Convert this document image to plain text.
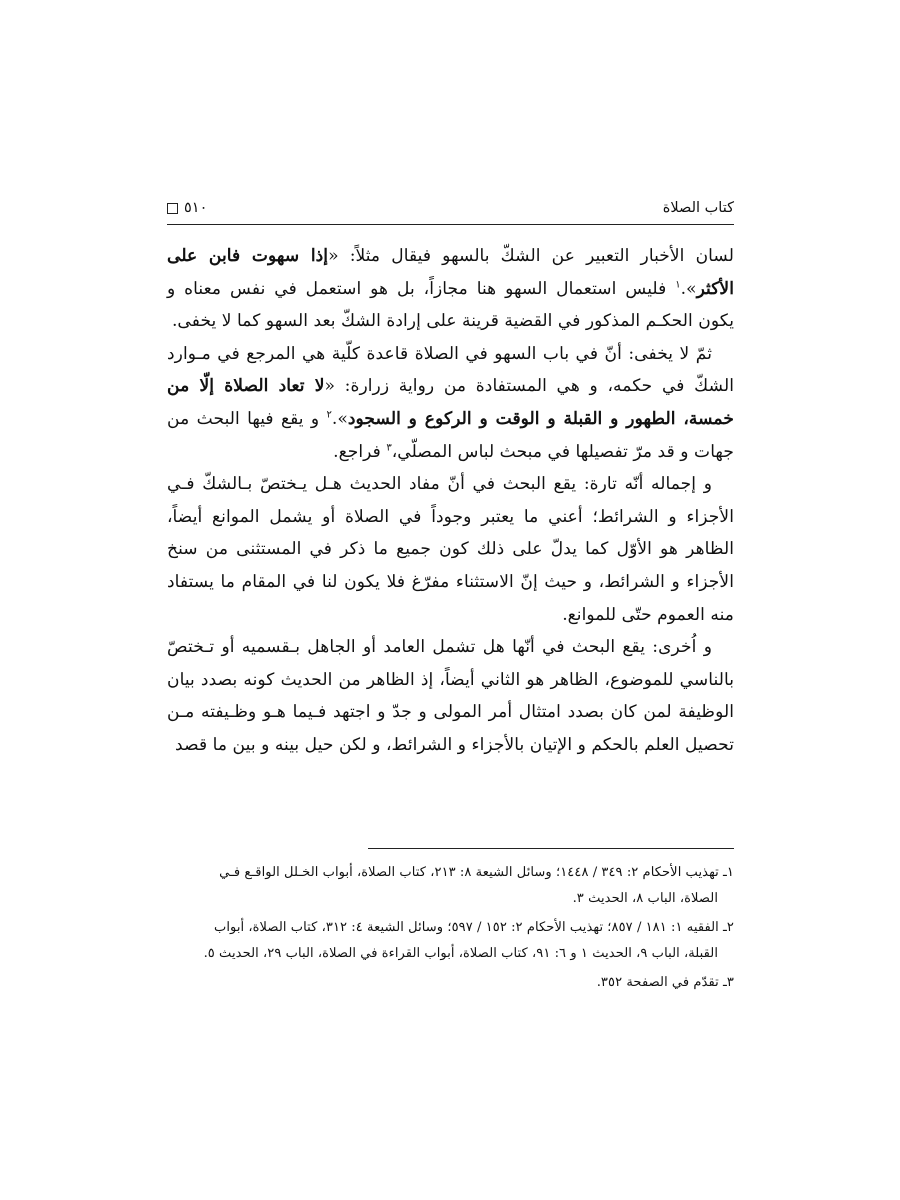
٥١٠	كتاب الصلاة

لسان الأخبار التعبير عن الشكّ بالسهو فيقال مثلاً: «إذا سهوت فابن على الأكثر».$^١$ فليس استعمال السهو هنا مجازاً، بل هو استعمل في نفس معناه و يكون الحكـم المذكور في القضية قرينة على إرادة الشكّ بعد السهو كما لا يخفى.

ثمّ لا يخفى: أنّ في باب السهو في الصلاة قاعدة كلّية هي المرجع في مـوارد الشكّ في حكمه، و هي المستفادة من رواية زرارة: «لا تعاد الصلاة إلّا من خمسة، الطهور و القبلة و الوقت و الركوع و السجود».$^٢$ و يقع فيها البحث من جهات و قد مرّ تفصيلها في مبحث لباس المصلّي،$^٣$ فراجع.

و إجماله أنّه تارة: يقع البحث في أنّ مفاد الحديث هـل يـختصّ بـالشكّ فـي الأجزاء و الشرائط؛ أعني ما يعتبر وجوداً في الصلاة أو يشمل الموانع أيضاً، الظاهر هو الأوّل كما يدلّ على ذلك كون جميع ما ذكر في المستثنى من سنخ الأجزاء و الشرائط، و حيث إنّ الاستثناء مفرّغ فلا يكون لنا في المقام ما يستفاد منه العموم حتّى للموانع.

و اُخرى: يقع البحث في أنّها هل تشمل العامد أو الجاهل بـقسميه أو تـختصّ بالناسي للموضوع، الظاهر هو الثاني أيضاً، إذ الظاهر من الحديث كونه بصدد بيان الوظيفة لمن كان بصدد امتثال أمر المولى و جدّ و اجتهد فـيما هـو وظـيفته مـن تحصيل العلم بالحكم و الإتيان بالأجزاء و الشرائط، و لكن حيل بينه و بين ما قصد

١ـ تهذيب الأحكام ٢: ٣٤٩ / ١٤٤٨؛ وسائل الشيعة ٨: ٢١٣، كتاب الصلاة، أبواب الخـلل الواقـع فـي
الصلاة، الباب ٨، الحديث ٣.
٢ـ الفقيه ١: ١٨١ / ٨٥٧؛ تهذيب الأحكام ٢: ١٥٢ / ٥٩٧؛ وسائل الشيعة ٤: ٣١٢، كتاب الصلاة، أبواب
القبلة، الباب ٩، الحديث ١ و ٦: ٩١، كتاب الصلاة، أبواب القراءة في الصلاة، الباب ٢٩، الحديث ٥.
٣ـ تقدّم في الصفحة ٣٥٢.
